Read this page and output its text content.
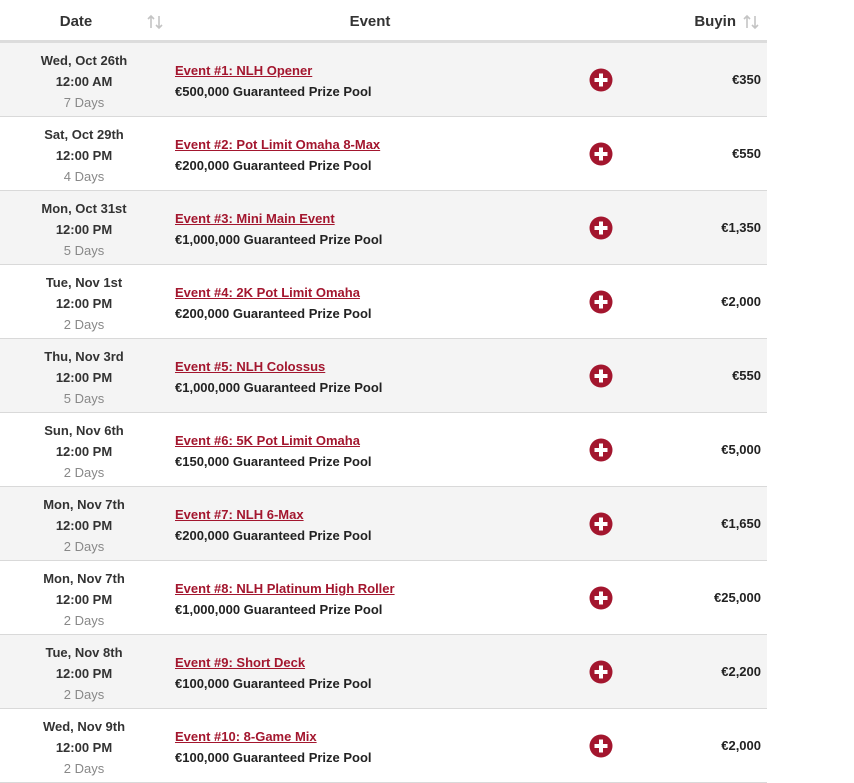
Date	Event	Buyin
Wed, Oct 26th
12:00 AM
7 Days
Event #1: NLH Opener
€500,000 Guaranteed Prize Pool
€350
Sat, Oct 29th
12:00 PM
4 Days
Event #2: Pot Limit Omaha 8-Max
€200,000 Guaranteed Prize Pool
€550
Mon, Oct 31st
12:00 PM
5 Days
Event #3: Mini Main Event
€1,000,000 Guaranteed Prize Pool
€1,350
Tue, Nov 1st
12:00 PM
2 Days
Event #4: 2K Pot Limit Omaha
€200,000 Guaranteed Prize Pool
€2,000
Thu, Nov 3rd
12:00 PM
5 Days
Event #5: NLH Colossus
€1,000,000 Guaranteed Prize Pool
€550
Sun, Nov 6th
12:00 PM
2 Days
Event #6: 5K Pot Limit Omaha
€150,000 Guaranteed Prize Pool
€5,000
Mon, Nov 7th
12:00 PM
2 Days
Event #7: NLH 6-Max
€200,000 Guaranteed Prize Pool
€1,650
Mon, Nov 7th
12:00 PM
2 Days
Event #8: NLH Platinum High Roller
€1,000,000 Guaranteed Prize Pool
€25,000
Tue, Nov 8th
12:00 PM
2 Days
Event #9: Short Deck
€100,000 Guaranteed Prize Pool
€2,200
Wed, Nov 9th
12:00 PM
2 Days
Event #10: 8-Game Mix
€100,000 Guaranteed Prize Pool
€2,000
